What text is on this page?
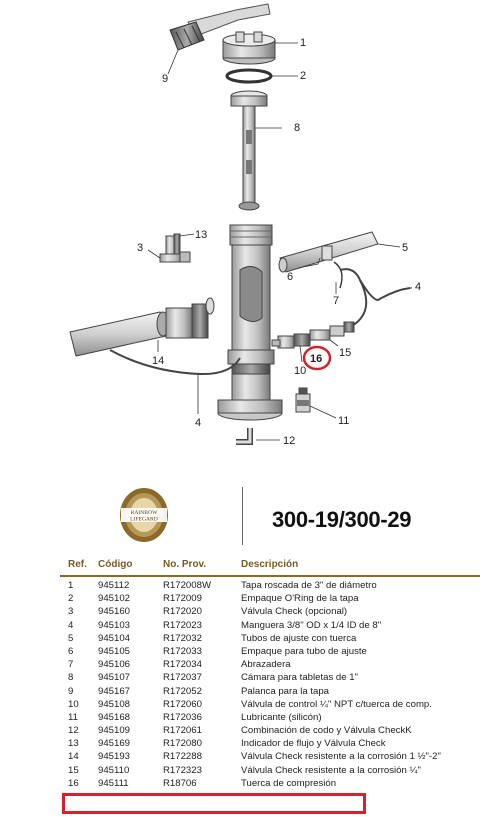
1
2
8
9
3
13
5
6
7
4
14
10
16 15
11
4
12
RAINBOW
LIFEGARD	300-19/300-29
Ref. Código	No. Prov.	Descripción
1	945112	R172008W	Tapa roscada de 3" de diámetro
2	945102	R172009	Empaque O'Ring de la tapa
3	945160	R172020	Válvula Check (opcional)
4	945103	R172023	Manguera 3/8" OD x 1/4 ID de 8"
5	945104	R172032	Tubos de ajuste con tuerca
6	945105	R172033	Empaque para tubo de ajuste
7	945106	R172034	Abrazadera
8	945107	R172037	Cámara para tabletas de 1"
9	945167	R172052	Palanca para la tapa
10 945108	R172060	Válvula de control ¼" NPT c/tuerca de comp.
11 945168	R172036	Lubricante (silicón)
12 945109	R172061	Combinación de codo y Válvula CheckK
13 945169	R172080	Indicador de flujo y Válvula Check
14 945193	R172288	Válvula Check resistente a la corrosión 1 ½"-2"
15 945110	R172323	Válvula Check resistente a la corrosión ¼"
16 945111	R18706	Tuerca de compresión
